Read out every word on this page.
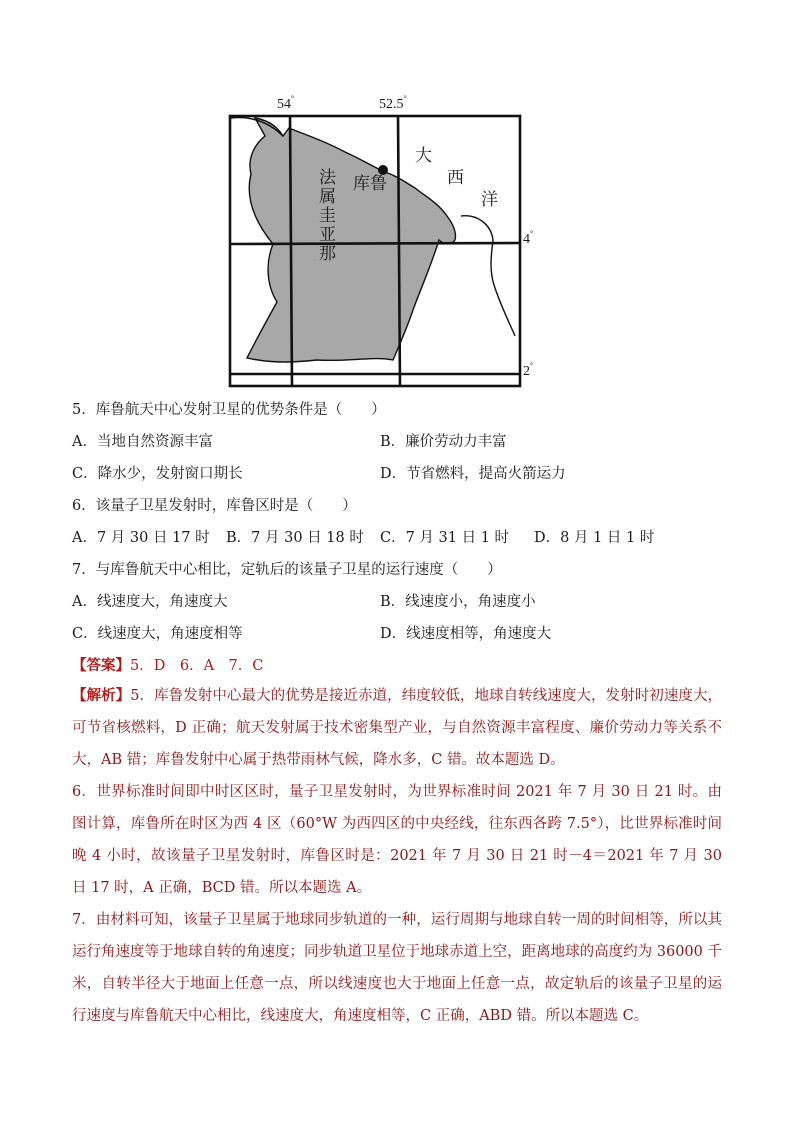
54°	52.5°
4°
2°
法属圭亚那 库鲁
大
西
洋
5．库鲁航天中心发射卫星的优势条件是（　　）
A．当地自然资源丰富	B．廉价劳动力丰富
C．降水少，发射窗口期长	D．节省燃料，提高火箭运力
6．该量子卫星发射时，库鲁区时是（　　）
A．7 月 30 日 17 时 B．7 月 30 日 18 时 C．7 月 31 日 1 时 D．8 月 1 日 1 时
7．与库鲁航天中心相比，定轨后的该量子卫星的运行速度（　　）
A．线速度大，角速度大	B．线速度小，角速度小
C．线速度大，角速度相等	D．线速度相等，角速度大
【答案】5．D　6．A　7．C
【解析】5．库鲁发射中心最大的优势是接近赤道，纬度较低，地球自转线速度大，发射时初速度大，可节省核燃料，D 正确；航天发射属于技术密集型产业，与自然资源丰富程度、廉价劳动力等关系不大，AB 错；库鲁发射中心属于热带雨林气候，降水多，C 错。故本题选 D。
6．世界标准时间即中时区区时，量子卫星发射时，为世界标准时间 2021 年 7 月 30 日 21 时。由图计算，库鲁所在时区为西 4 区（60°W 为西四区的中央经线，往东西各跨 7.5°），比世界标准时间晚 4 小时，故该量子卫星发射时，库鲁区时是：2021 年 7 月 30 日 21 时－4＝2021 年 7 月 30 日 17 时，A 正确，BCD 错。所以本题选 A。
7．由材料可知，该量子卫星属于地球同步轨道的一种，运行周期与地球自转一周的时间相等，所以其运行角速度等于地球自转的角速度；同步轨道卫星位于地球赤道上空，距离地球的高度约为 36000 千米，自转半径大于地面上任意一点，所以线速度也大于地面上任意一点，故定轨后的该量子卫星的运行速度与库鲁航天中心相比，线速度大，角速度相等，C 正确，ABD 错。所以本题选 C。
